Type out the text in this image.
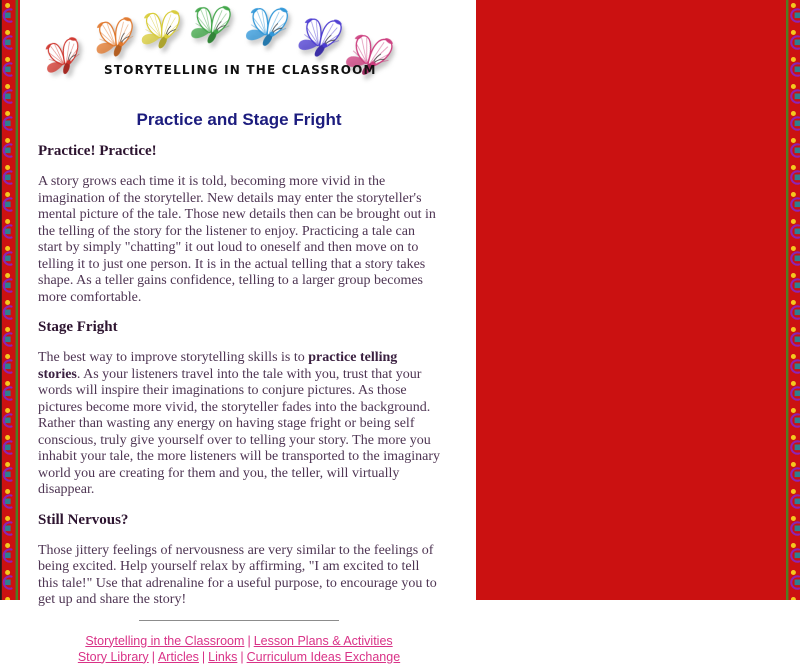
STORYTELLING IN THE CLASSROOM
Practice and Stage Fright
Practice! Practice!

A story grows each time it is told, becoming more vivid in the imagination of the storyteller. New details may enter the storyteller's mental picture of the tale. Those new details then can be brought out in the telling of the story for the listener to enjoy. Practicing a tale can start by simply "chatting" it out loud to oneself and then move on to telling it to just one person. It is in the actual telling that a story takes shape. As a teller gains confidence, telling to a larger group becomes more comfortable.

Stage Fright

The best way to improve storytelling skills is to practice telling stories. As your listeners travel into the tale with you, trust that your words will inspire their imaginations to conjure pictures. As those pictures become more vivid, the storyteller fades into the background. Rather than wasting any energy on having stage fright or being self conscious, truly give yourself over to telling your story. The more you inhabit your tale, the more listeners will be transported to the imaginary world you are creating for them and you, the teller, will virtually disappear.

Still Nervous?

Those jittery feelings of nervousness are very similar to the feelings of being excited. Help yourself relax by affirming, "I am excited to tell this tale!" Use that adrenaline for a useful purpose, to encourage you to get up and share the story!

Storytelling in the Classroom | Lesson Plans & Activities
Story Library | Articles | Links | Curriculum Ideas Exchange
